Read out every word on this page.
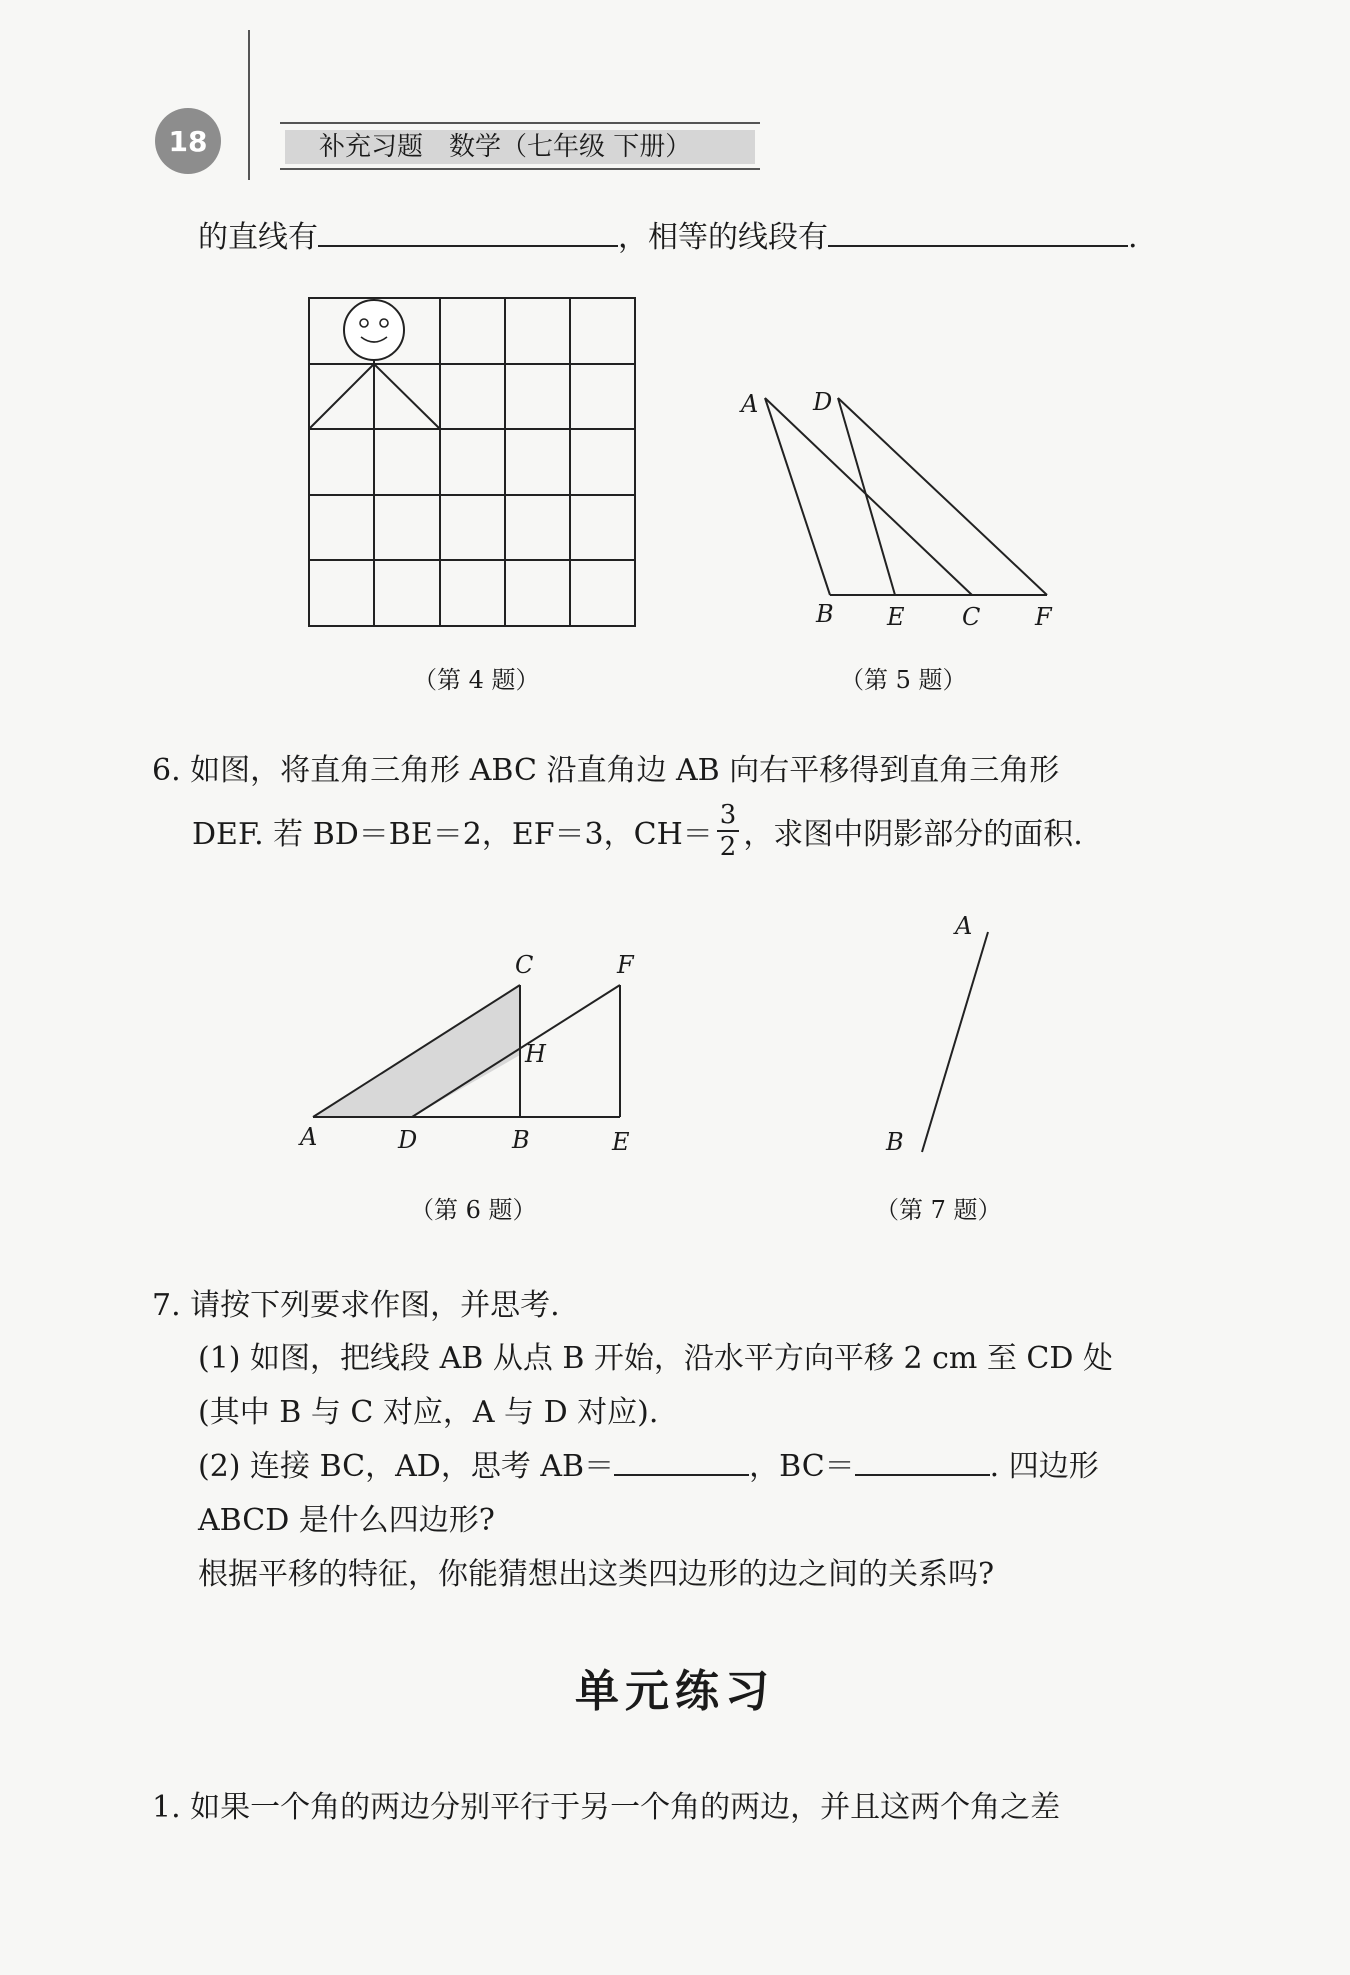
18	补充习题　数学（七年级 下册）
的直线有	，相等的线段有	.
（第 4 题）
A D
B E C F
（第 5 题）
6. 如图，将直角三角形 ABC 沿直角边 AB 向右平移得到直角三角形
DEF. 若 BD＝BE＝2，EF＝3，$CH= \frac{3}{2}$ ，求图中阴影部分的面积.
C	F
H
A	D	B	E
（第 6 题）
A
B
（第 7 题）
7. 请按下列要求作图，并思考.
(1) 如图，把线段 AB 从点 B 开始，沿水平方向平移 2 cm 至 CD 处
(其中 B 与 C 对应，A 与 D 对应).
(2) 连接 BC，AD，思考 AB＝	，BC＝	. 四边形
ABCD 是什么四边形?
根据平移的特征，你能猜想出这类四边形的边之间的关系吗?
单元练习
1. 如果一个角的两边分别平行于另一个角的两边，并且这两个角之差
